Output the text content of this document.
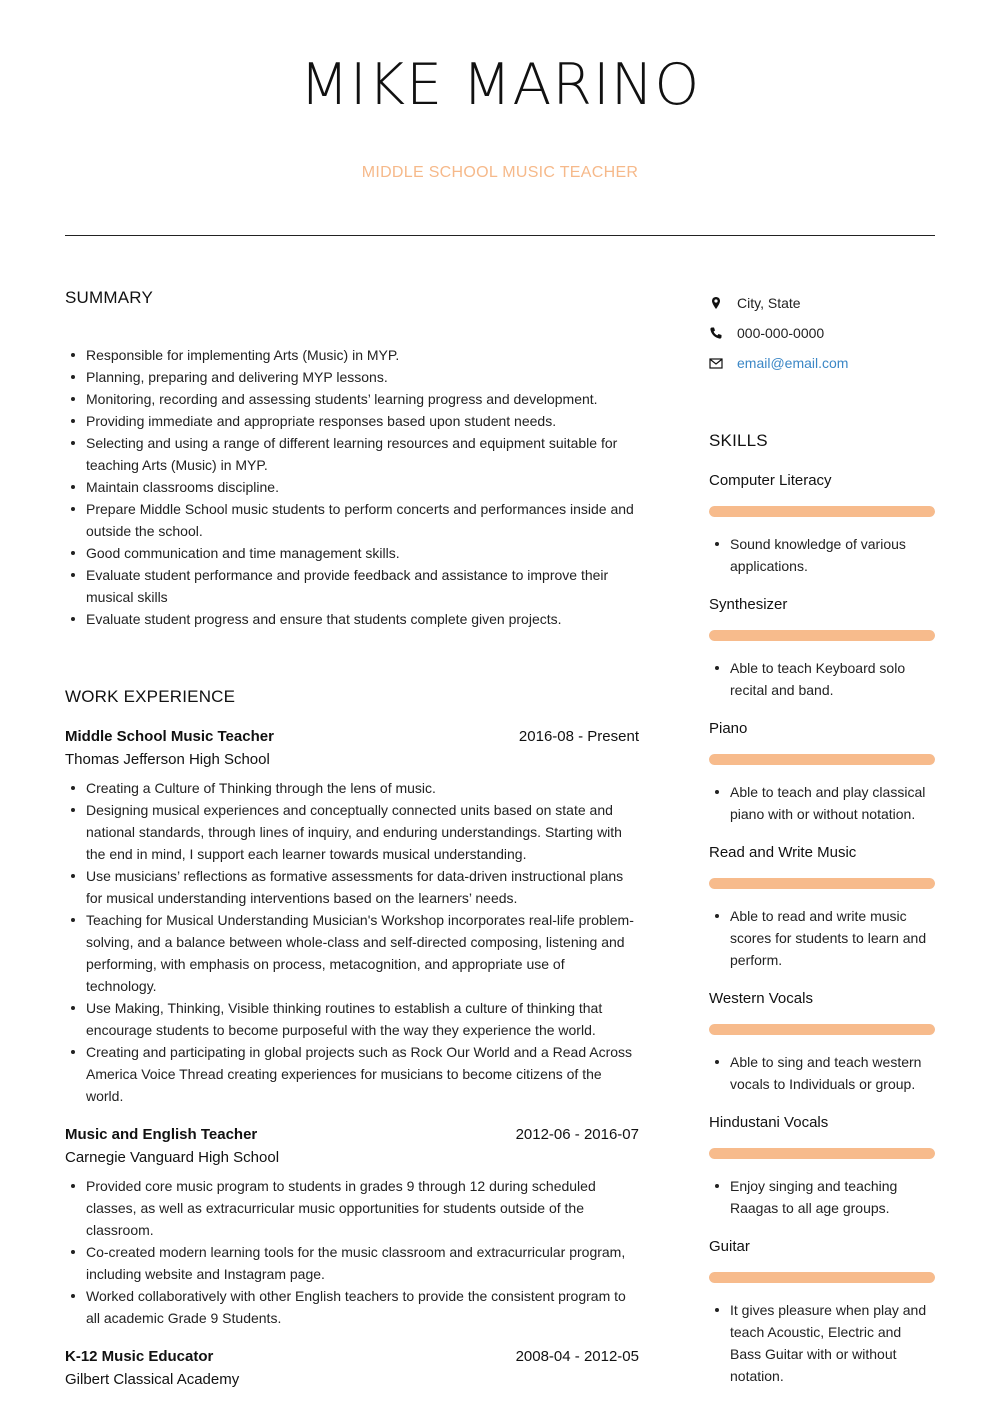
MIKE MARINO
MIDDLE SCHOOL MUSIC TEACHER
SUMMARY
Responsible for implementing Arts (Music) in MYP.
Planning, preparing and delivering MYP lessons.
Monitoring, recording and assessing students’ learning progress and development.
Providing immediate and appropriate responses based upon student needs.
Selecting and using a range of different learning resources and equipment suitable for teaching Arts (Music) in MYP.
Maintain classrooms discipline.
Prepare Middle School music students to perform concerts and performances inside and outside the school.
Good communication and time management skills.
Evaluate student performance and provide feedback and assistance to improve their musical skills
Evaluate student progress and ensure that students complete given projects.
WORK EXPERIENCE
Middle School Music Teacher	2016-08 - Present
Thomas Jefferson High School
Creating a Culture of Thinking through the lens of music.
Designing musical experiences and conceptually connected units based on state and national standards, through lines of inquiry, and enduring understandings. Starting with the end in mind, I support each learner towards musical understanding.
Use musicians’ reflections as formative assessments for data-driven instructional plans for musical understanding interventions based on the learners’ needs.
Teaching for Musical Understanding Musician's Workshop incorporates real-life problem-solving, and a balance between whole-class and self-directed composing, listening and performing, with emphasis on process, metacognition, and appropriate use of technology.
Use Making, Thinking, Visible thinking routines to establish a culture of thinking that encourage students to become purposeful with the way they experience the world.
Creating and participating in global projects such as Rock Our World and a Read Across America Voice Thread creating experiences for musicians to become citizens of the world.
Music and English Teacher	2012-06 - 2016-07
Carnegie Vanguard High School
Provided core music program to students in grades 9 through 12 during scheduled classes, as well as extracurricular music opportunities for students outside of the classroom.
Co-created modern learning tools for the music classroom and extracurricular program, including website and Instagram page.
Worked collaboratively with other English teachers to provide the consistent program to all academic Grade 9 Students.
K-12 Music Educator	2008-04 - 2012-05
Gilbert Classical Academy
City, State
000-000-0000
email@email.com
SKILLS
Computer Literacy
Sound knowledge of various applications.
Synthesizer
Able to teach Keyboard solo recital and band.
Piano
Able to teach and play classical piano with or without notation.
Read and Write Music
Able to read and write music scores for students to learn and perform.
Western Vocals
Able to sing and teach western vocals to Individuals or group.
Hindustani Vocals
Enjoy singing and teaching Raagas to all age groups.
Guitar
It gives pleasure when play and teach Acoustic, Electric and Bass Guitar with or without notation.
